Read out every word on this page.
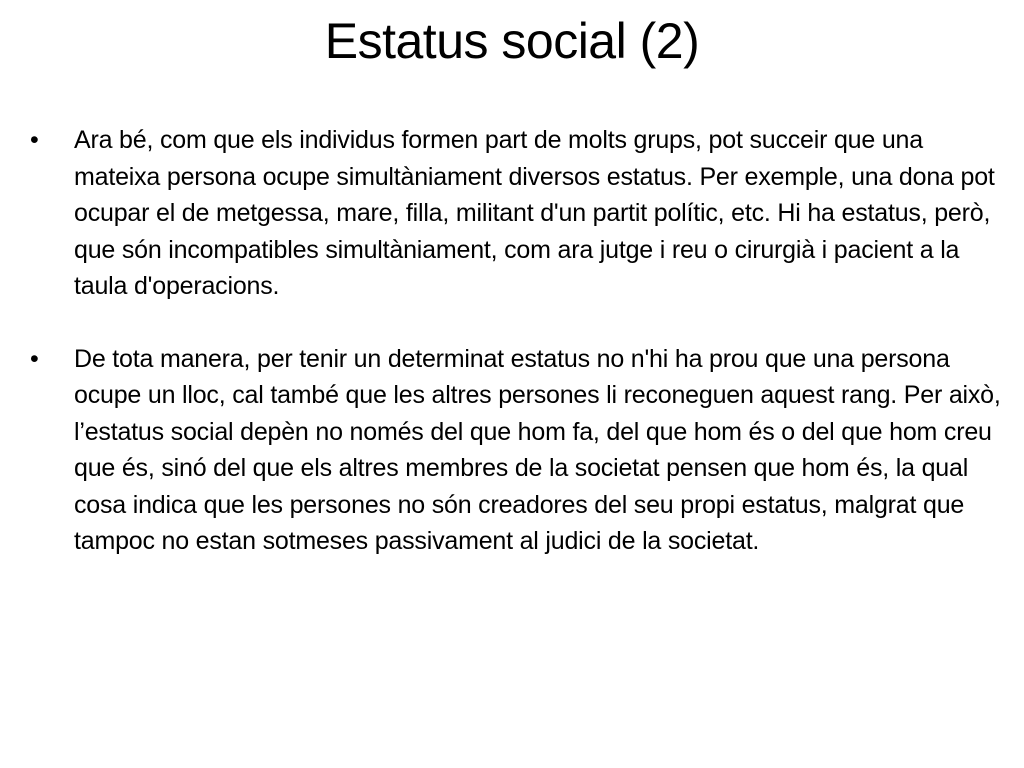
Estatus social (2)
•	Ara bé, com que els individus formen part de molts grups, pot succeir que una mateixa persona ocupe simultàniament diversos estatus. Per exemple, una dona pot ocupar el de metgessa, mare, filla, militant d'un partit polític, etc. Hi ha estatus, però, que són incompatibles simultàniament, com ara jutge i reu o cirurgià i pacient a la taula d'operacions.
•	De tota manera, per tenir un determinat estatus no n'hi ha prou que una persona ocupe un lloc, cal també que les altres persones li reconeguen aquest rang. Per això, l’estatus social depèn no només del que hom fa, del que hom és o del que hom creu que és, sinó del que els altres membres de la societat pensen que hom és, la qual cosa indica que les persones no són creadores del seu propi estatus, malgrat que tampoc no estan sotmeses passivament al judici de la societat.
